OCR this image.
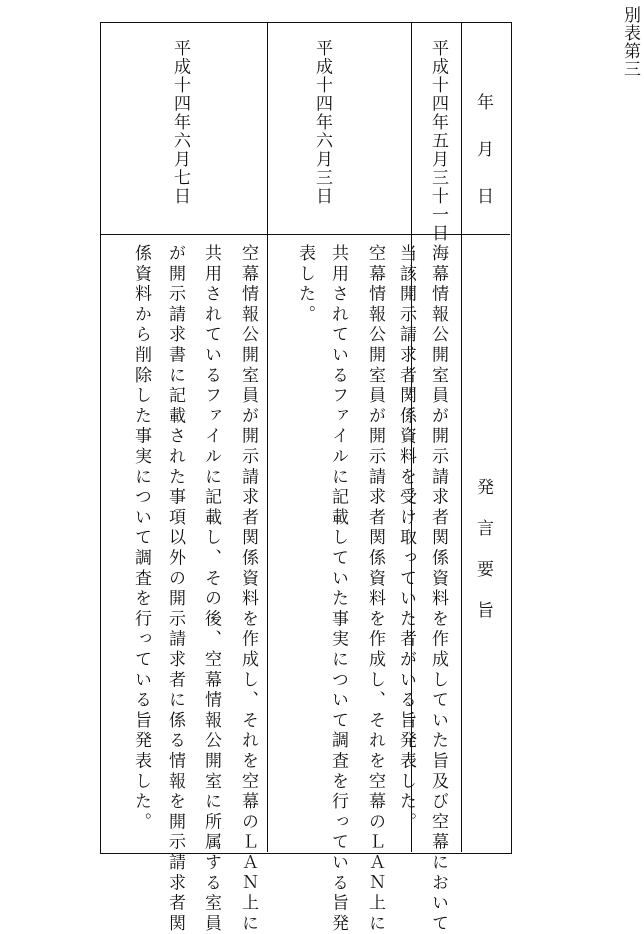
別表第三
年
月
日
発
言
要
旨
平成十四年五月三十一日
海幕情報公開室員が開示請求者関係資料を作成していた旨及び空幕において
当該開示請求者関係資料を受け取っていた者がいる旨発表した。
平成十四年六月三日
空幕情報公開室員が開示請求者関係資料を作成し、それを空幕のＬＡＮ上に
共用されているファイルに記載していた事実について調査を行っている旨発
表した。
平成十四年六月七日
空幕情報公開室員が開示請求者関係資料を作成し、それを空幕のＬＡＮ上に
共用されているファイルに記載し、その後、空幕情報公開室に所属する室員
が開示請求書に記載された事項以外の開示請求者に係る情報を開示請求者関
係資料から削除した事実について調査を行っている旨発表した。
